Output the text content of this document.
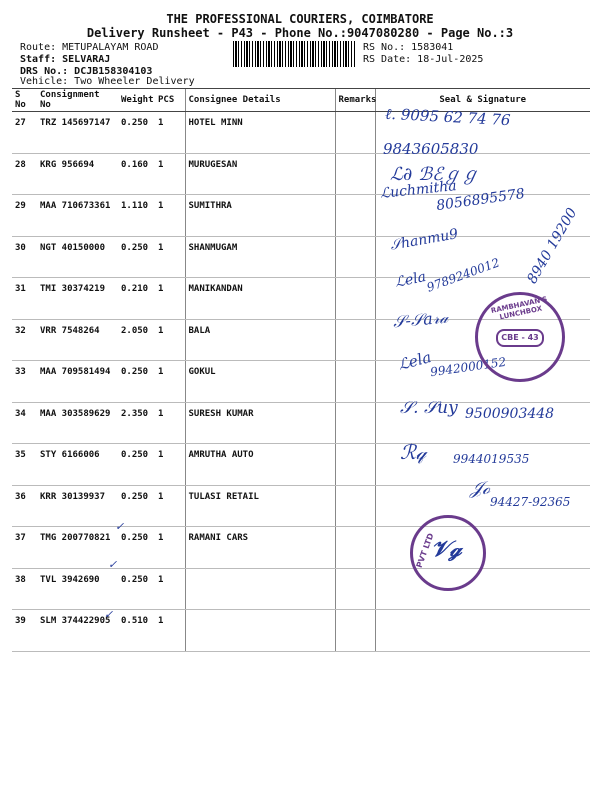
THE PROFESSIONAL COURIERS, COIMBATORE
Delivery Runsheet - P43 - Phone No.:9047080280 - Page No.:3
Route: METUPALAYAM ROAD
Staff: SELVARAJ
DRS No.: DCJB158304103
Vehicle: Two Wheeler Delivery
RS No.: 1583041
RS Date: 18-Jul-2025
S No	Consignment No	Weight	PCS	Consignee Details	Remarks	Seal & Signature
27	TRZ 145697147	0.250	1	HOTEL MINN		
28	KRG 956694	0.160	1	MURUGESAN		
29	MAA 710673361	1.110	1	SUMITHRA		
30	NGT 40150000	0.250	1	SHANMUGAM		
31	TMI 30374219	0.210	1	MANIKANDAN		
32	VRR 7548264	2.050	1	BALA		
33	MAA 709581494	0.250	1	GOKUL		
34	MAA 303589629	2.350	1	SURESH KUMAR		
35	STY 6166006	0.250	1	AMRUTHA AUTO		
36	KRR 30139937	0.250	1	TULASI RETAIL		
37	TMG 200770821	0.250	1	RAMANI CARS		
38	TVL 3942690	0.250	1			
39	SLM 374422905	0.510	1			
ℓ. 9095 62 74 76
9843605830
ℒ∂ ℬℰℊℊ
ℒuchmitha
8056895578
𝒮hanmu9	8940 19200
ℒela
9789240012
𝒮-𝒮a𝓇𝒶
ℒela
9942000152
𝒮. 𝒮uy 9500903448
ℛ𝓆 9944019535
𝒥ℴ
94427-92365
✓
✓
✓
RAMBHAVAN'S LUNCHBOX
CBE - 43
PVT LTD
𝒱ℊ
